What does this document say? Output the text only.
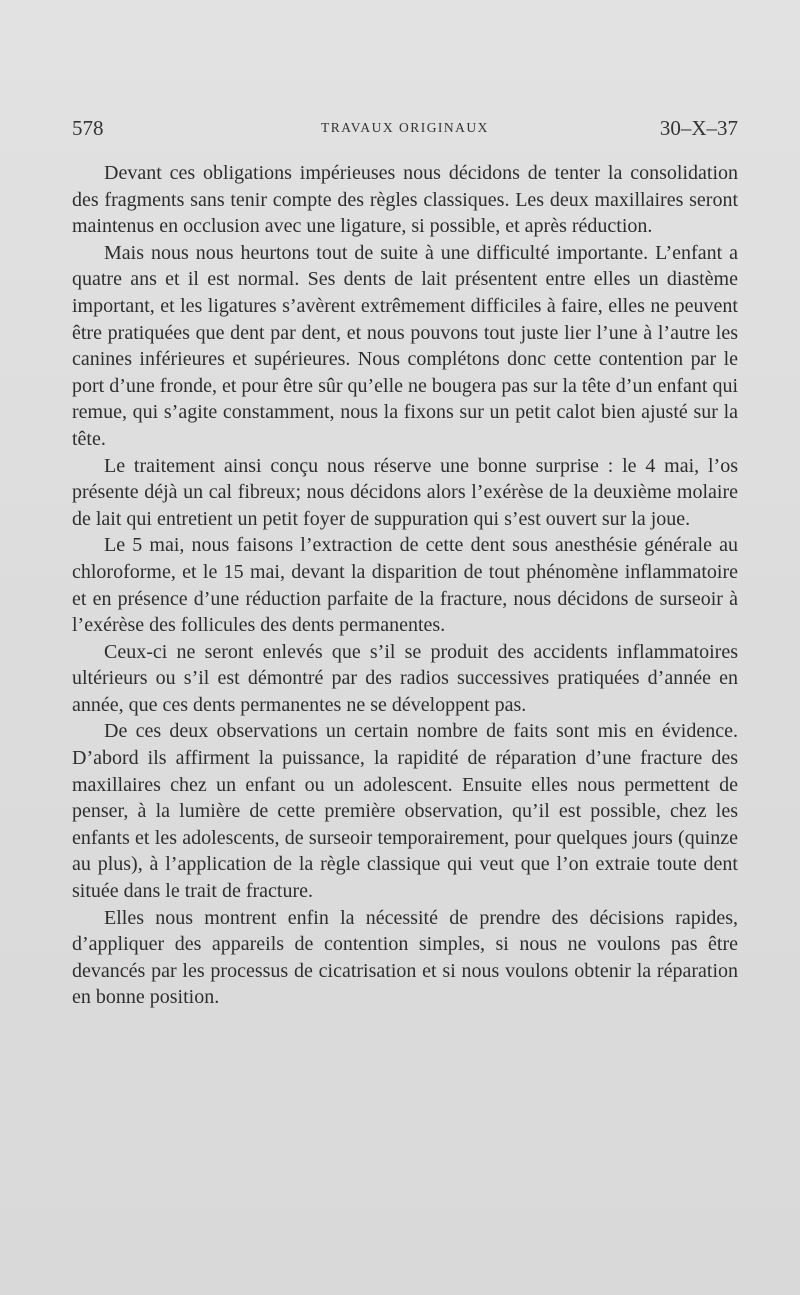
578	TRAVAUX ORIGINAUX	30–X–37

Devant ces obligations impérieuses nous décidons de tenter la consolidation des fragments sans tenir compte des règles classiques. Les deux maxillaires seront maintenus en occlusion avec une ligature, si possible, et après réduction.

Mais nous nous heurtons tout de suite à une difficulté importante. L’enfant a quatre ans et il est normal. Ses dents de lait présentent entre elles un diastème important, et les ligatures s’avèrent extrêmement difficiles à faire, elles ne peuvent être pratiquées que dent par dent, et nous pouvons tout juste lier l’une à l’autre les canines inférieures et supérieures. Nous complétons donc cette contention par le port d’une fronde, et pour être sûr qu’elle ne bougera pas sur la tête d’un enfant qui remue, qui s’agite constamment, nous la fixons sur un petit calot bien ajusté sur la tête.

Le traitement ainsi conçu nous réserve une bonne surprise : le 4 mai, l’os présente déjà un cal fibreux; nous décidons alors l’exérèse de la deuxième molaire de lait qui entretient un petit foyer de suppuration qui s’est ouvert sur la joue.

Le 5 mai, nous faisons l’extraction de cette dent sous anesthésie générale au chloroforme, et le 15 mai, devant la disparition de tout phénomène inflammatoire et en présence d’une réduction parfaite de la fracture, nous décidons de surseoir à l’exérèse des follicules des dents permanentes.

Ceux-ci ne seront enlevés que s’il se produit des accidents inflammatoires ultérieurs ou s’il est démontré par des radios successives pratiquées d’année en année, que ces dents permanentes ne se développent pas.

De ces deux observations un certain nombre de faits sont mis en évidence. D’abord ils affirment la puissance, la rapidité de réparation d’une fracture des maxillaires chez un enfant ou un adolescent. Ensuite elles nous permettent de penser, à la lumière de cette première observation, qu’il est possible, chez les enfants et les adolescents, de surseoir temporairement, pour quelques jours (quinze au plus), à l’application de la règle classique qui veut que l’on extraie toute dent située dans le trait de fracture.

Elles nous montrent enfin la nécessité de prendre des décisions rapides, d’appliquer des appareils de contention simples, si nous ne voulons pas être devancés par les processus de cicatrisation et si nous voulons obtenir la réparation en bonne position.
